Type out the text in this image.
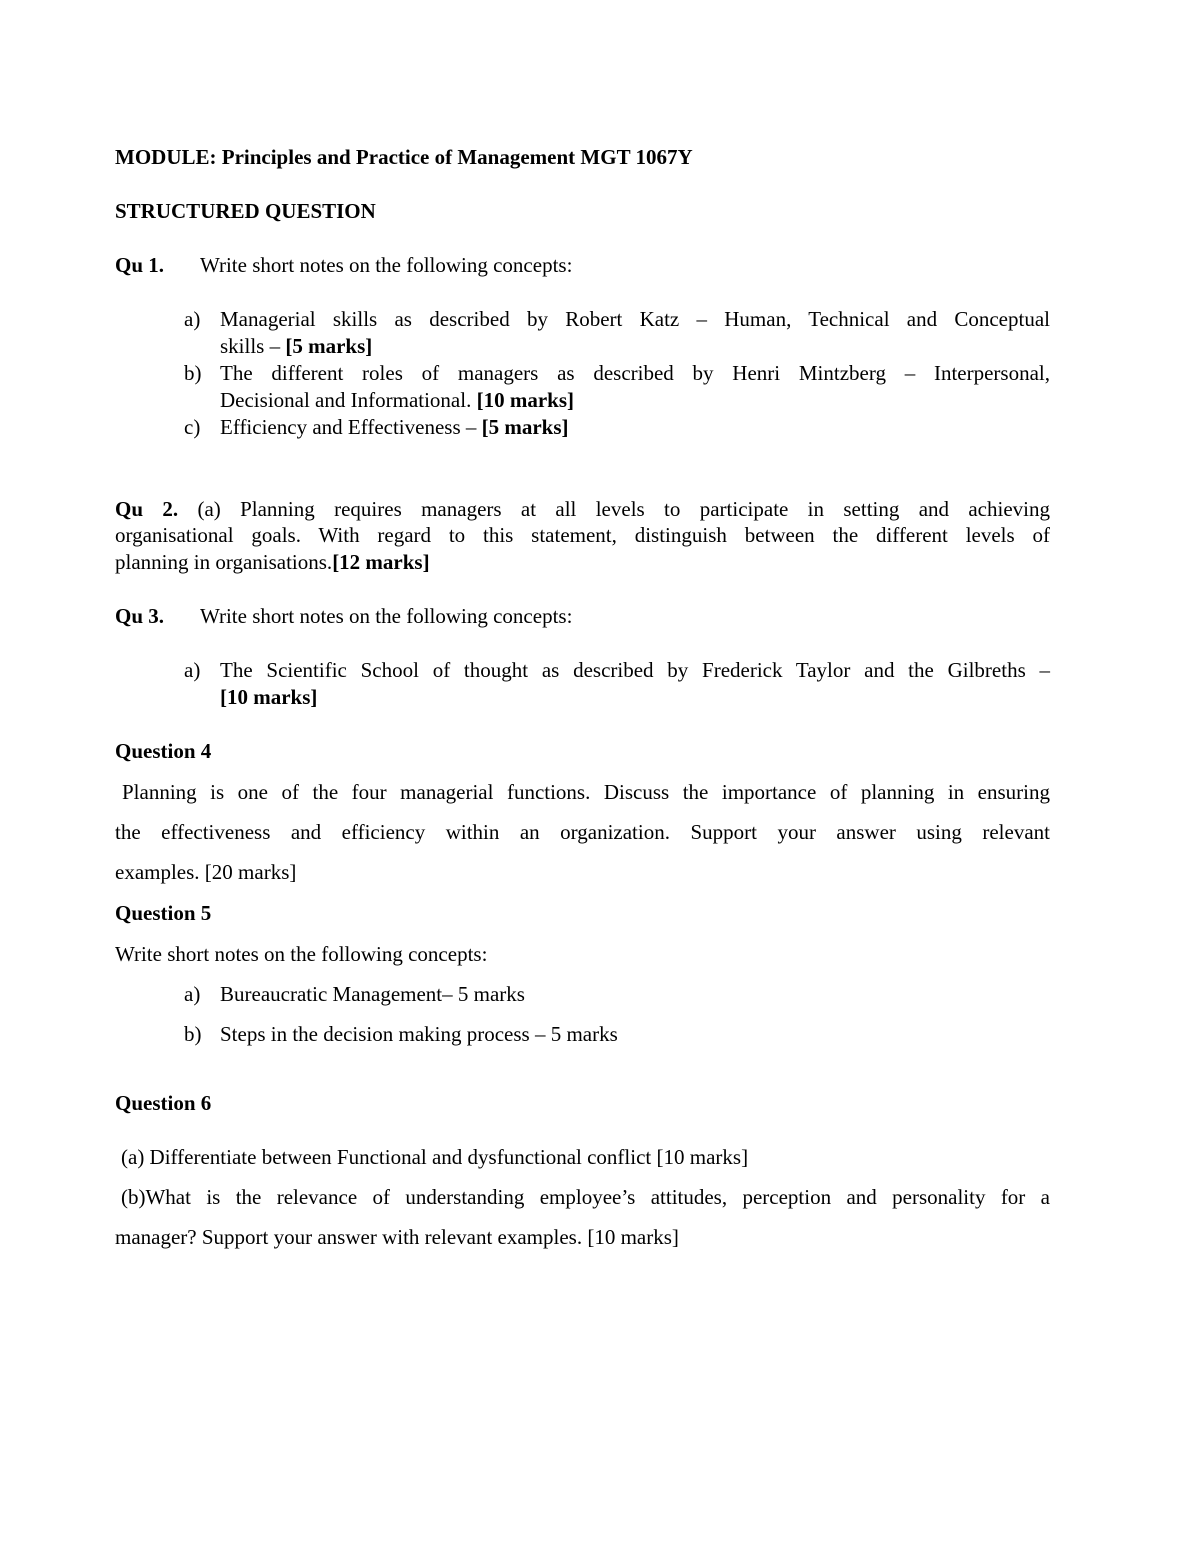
MODULE: Principles and Practice of Management MGT 1067Y
STRUCTURED QUESTION
Qu 1. Write short notes on the following concepts:
a) Managerial skills as described by Robert Katz – Human, Technical and Conceptual
skills – [5 marks]
b) The different roles of managers as described by Henri Mintzberg – Interpersonal,
Decisional and Informational. [10 marks]
c) Efficiency and Effectiveness – [5 marks]
Qu 2. (a) Planning requires managers at all levels to participate in setting and achieving
organisational goals. With regard to this statement, distinguish between the different levels of
planning in organisations.[12 marks]
Qu 3. Write short notes on the following concepts:
a) The Scientific School of thought as described by Frederick Taylor and the Gilbreths –
[10 marks]
Question 4
Planning is one of the four managerial functions. Discuss the importance of planning in ensuring
the effectiveness and efficiency within an organization. Support your answer using relevant
examples. [20 marks]
Question 5
Write short notes on the following concepts:
a) Bureaucratic Management– 5 marks
b) Steps in the decision making process – 5 marks
Question 6
(a) Differentiate between Functional and dysfunctional conflict [10 marks]
(b)What is the relevance of understanding employee’s attitudes, perception and personality for a
manager? Support your answer with relevant examples. [10 marks]
